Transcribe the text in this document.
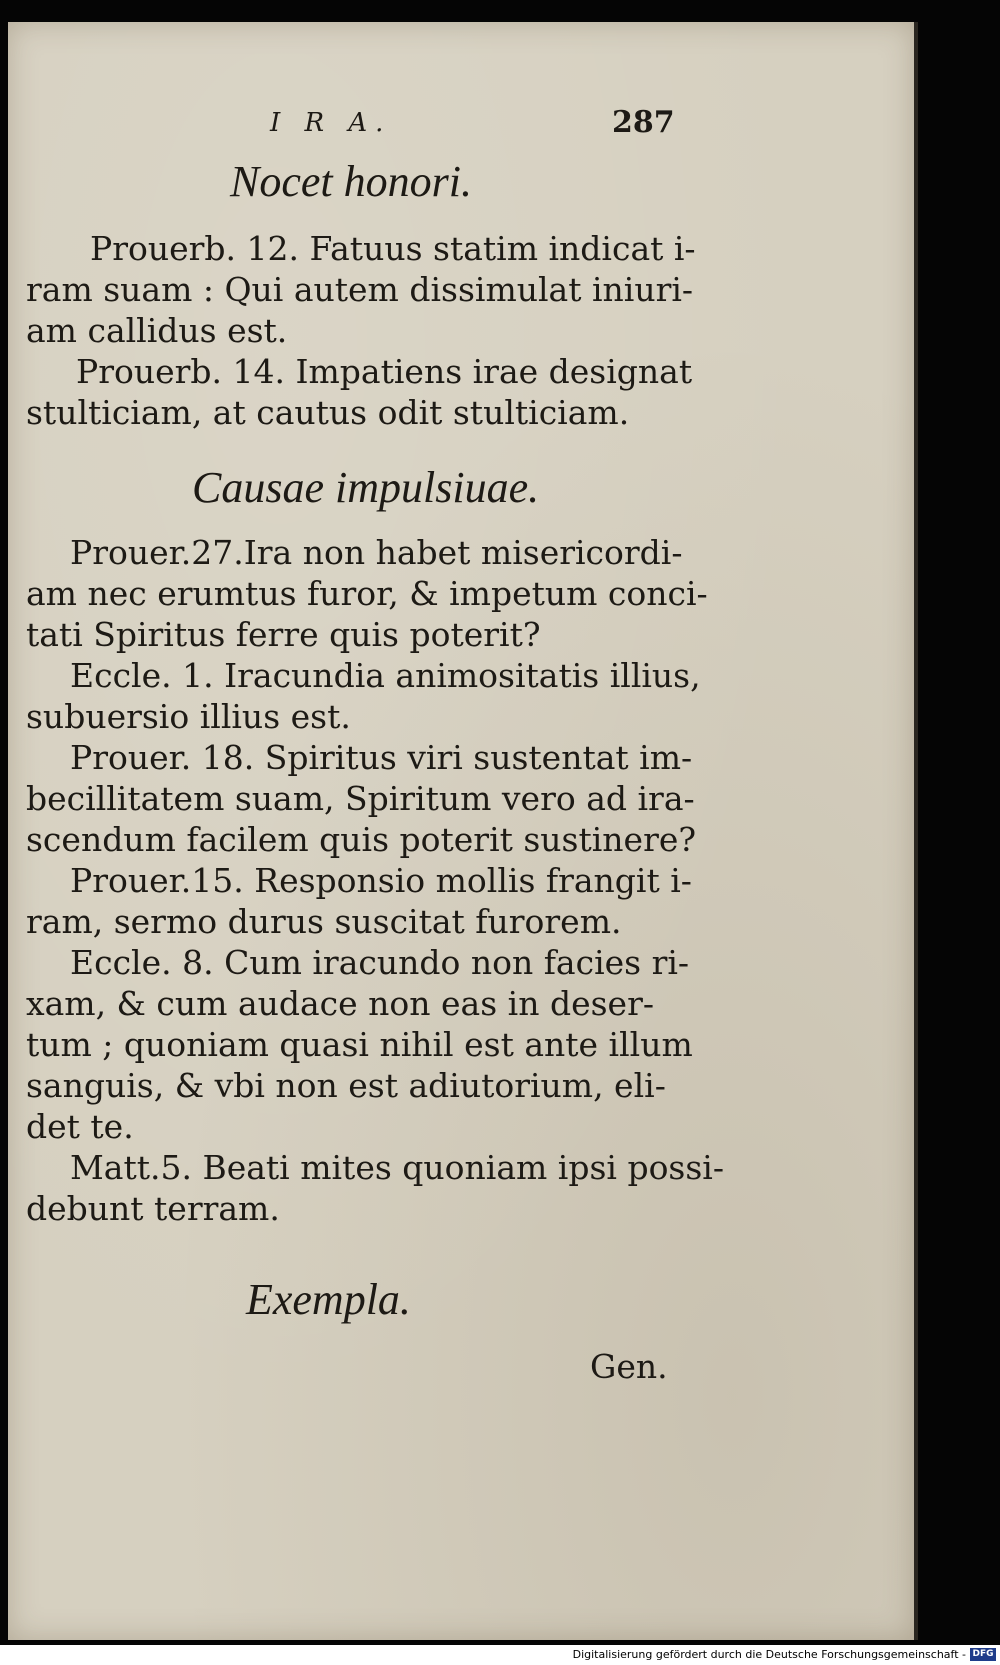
I R A.	287
Nocet honori.
Prouerb. 12. Fatuus statim indicat i-
ram suam : Qui autem dissimulat iniuri-
am callidus est.
Prouerb. 14. Impatiens irae designat
stulticiam, at cautus odit stulticiam.
Causae impulsiuae.
Prouer.27.Ira non habet misericordi-
am nec erumtus furor, & impetum conci-
tati Spiritus ferre quis poterit?
Eccle. 1. Iracundia animositatis illius,
subuersio illius est.
Prouer. 18. Spiritus viri sustentat im-
becillitatem suam, Spiritum vero ad ira-
scendum facilem quis poterit sustinere?
Prouer.15. Responsio mollis frangit i-
ram, sermo durus suscitat furorem.
Eccle. 8. Cum iracundo non facies ri-
xam, & cum audace non eas in deser-
tum ; quoniam quasi nihil est ante illum
sanguis, & vbi non est adiutorium, eli-
det te.
Matt.5. Beati mites quoniam ipsi possi-
debunt terram.
Exempla.
Gen.
Digitalisierung gefördert durch die Deutsche Forschungsgemeinschaft - DFG
